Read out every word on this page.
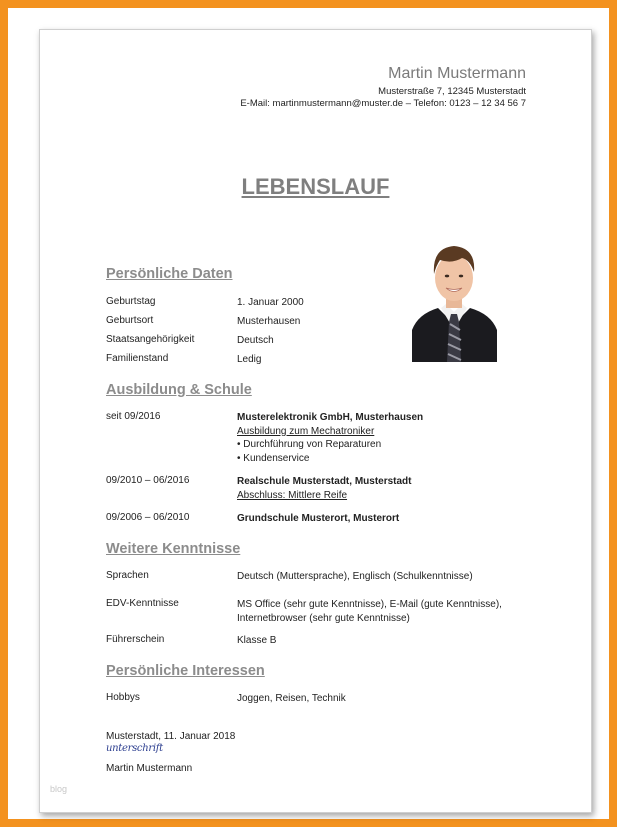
Martin Mustermann
Musterstraße 7, 12345 Musterstadt
E-Mail: martinmustermann@muster.de – Telefon: 0123 – 12 34 56 7
LEBENSLAUF
Persönliche Daten
Geburtstag	1. Januar 2000
Geburtsort	Musterhausen
Staatsangehörigkeit	Deutsch
Familienstand	Ledig
Ausbildung & Schule
seit 09/2016	Musterelektronik GmbH, Musterhausen
Ausbildung zum Mechatroniker
• Durchführung von Reparaturen
• Kundenservice
09/2010 – 06/2016	Realschule Musterstadt, Musterstadt
Abschluss: Mittlere Reife
09/2006 – 06/2010	Grundschule Musterort, Musterort
Weitere Kenntnisse
Sprachen	Deutsch (Muttersprache), Englisch (Schulkenntnisse)
EDV-Kenntnisse	MS Office (sehr gute Kenntnisse), E-Mail (gute Kenntnisse),
Internetbrowser (sehr gute Kenntnisse)
Führerschein	Klasse B
Persönliche Interessen
Hobbys	Joggen, Reisen, Technik
Musterstadt, 11. Januar 2018
unterschrift
Martin Mustermann
blog
